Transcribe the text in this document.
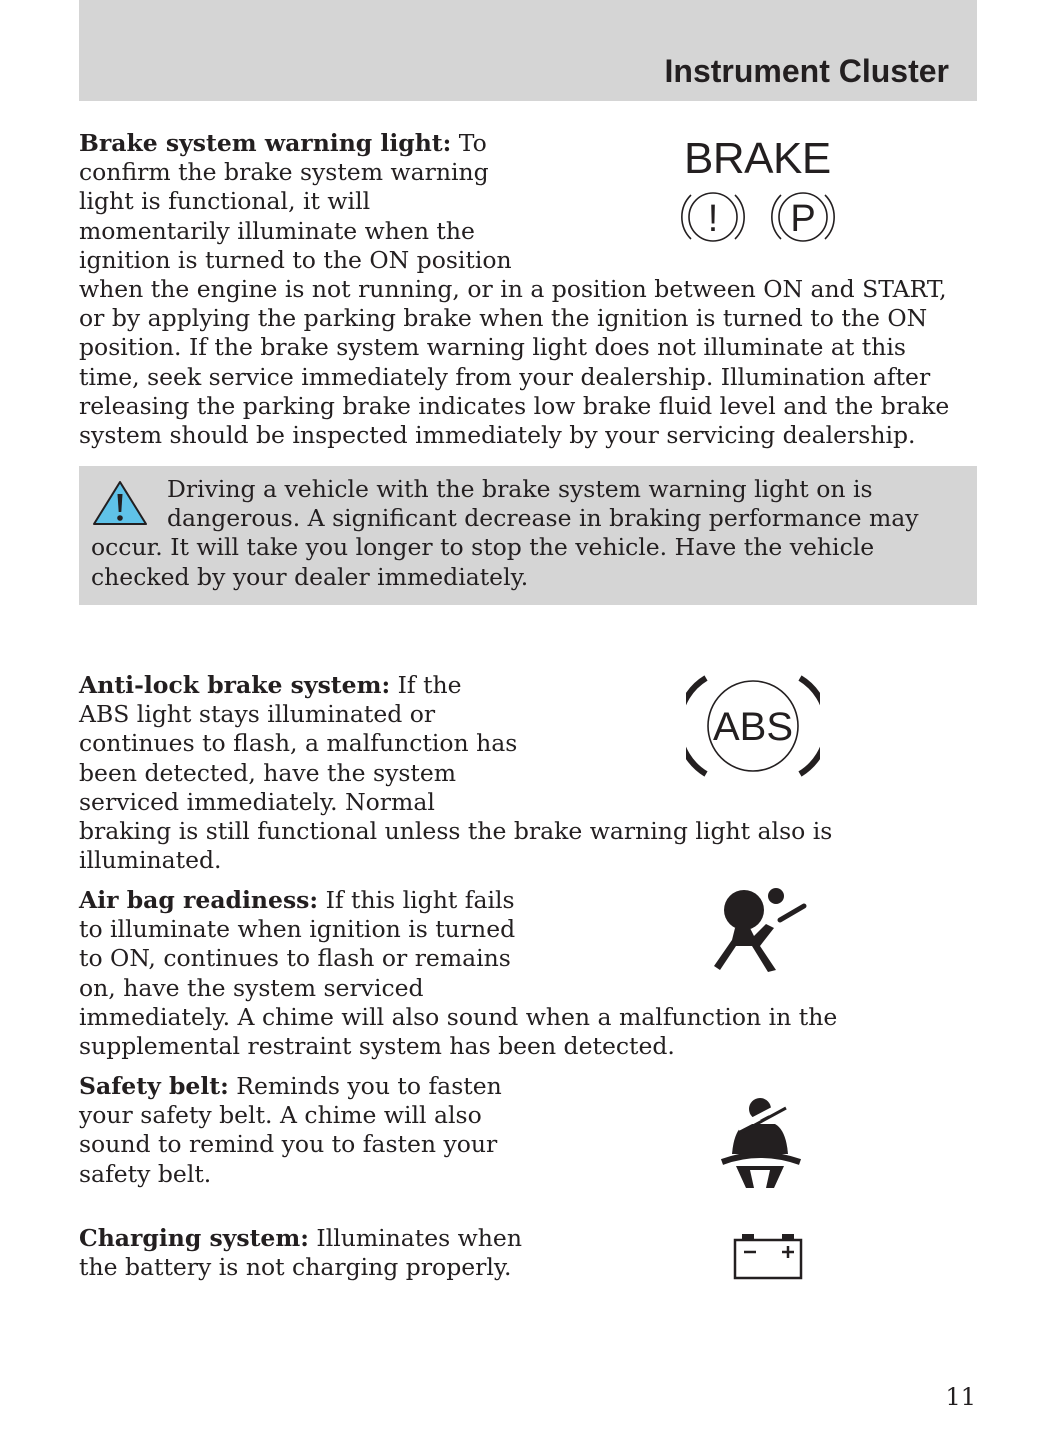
Instrument Cluster
Brake system warning light: To
confirm the brake system warning
light is functional, it will
momentarily illuminate when the
ignition is turned to the ON position
when the engine is not running, or in a position between ON and START,
or by applying the parking brake when the ignition is turned to the ON
position. If the brake system warning light does not illuminate at this
time, seek service immediately from your dealership. Illumination after
releasing the parking brake indicates low brake fluid level and the brake
system should be inspected immediately by your servicing dealership.
BRAKE
! P
Driving a vehicle with the brake system warning light on is
dangerous. A significant decrease in braking performance may
occur. It will take you longer to stop the vehicle. Have the vehicle
checked by your dealer immediately.
Anti-lock brake system: If the
ABS light stays illuminated or
continues to flash, a malfunction has
been detected, have the system
serviced immediately. Normal
braking is still functional unless the brake warning light also is
illuminated.
ABS
Air bag readiness: If this light fails
to illuminate when ignition is turned
to ON, continues to flash or remains
on, have the system serviced
immediately. A chime will also sound when a malfunction in the
supplemental restraint system has been detected.
Safety belt: Reminds you to fasten
your safety belt. A chime will also
sound to remind you to fasten your
safety belt.
Charging system: Illuminates when
the battery is not charging properly.
11
